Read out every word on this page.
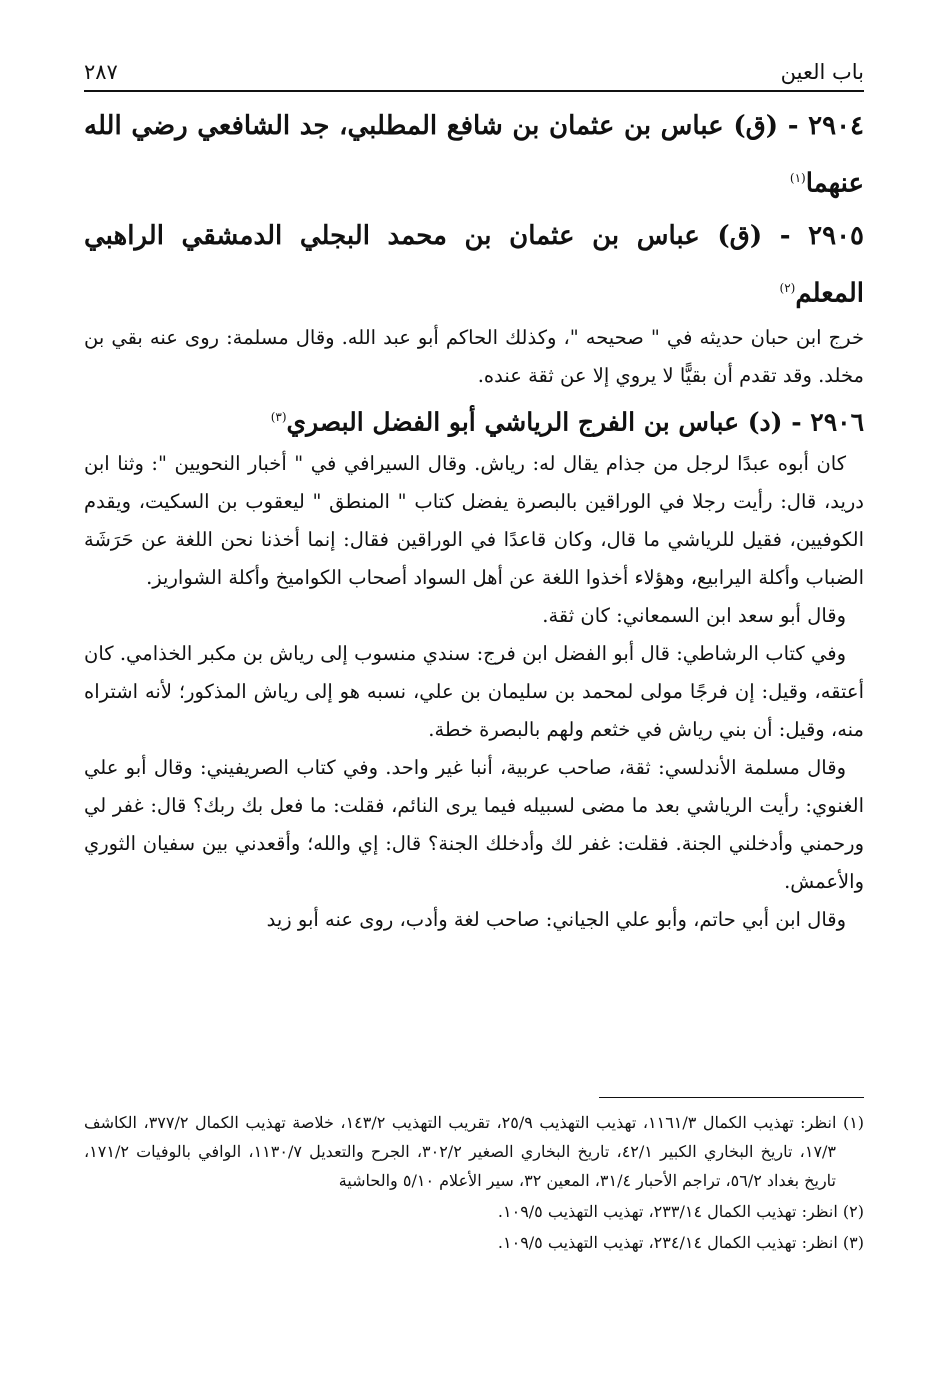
باب العين
٢٨٧

٢٩٠٤ - (ق) عباس بن عثمان بن شافع المطلبي، جد الشافعي رضي الله عنهما$^{(١)}$

٢٩٠٥ - (ق) عباس بن عثمان بن محمد البجلي الدمشقي الراهبي المعلم$^{(٢)}$

خرج ابن حبان حديثه في " صحيحه "، وكذلك الحاكم أبو عبد الله. وقال مسلمة: روى عنه بقي بن مخلد. وقد تقدم أن بقيًّا لا يروي إلا عن ثقة عنده.

٢٩٠٦ - (د) عباس بن الفرج الرياشي أبو الفضل البصري$^{(٣)}$

كان أبوه عبدًا لرجل من جذام يقال له: رياش. وقال السيرافي في " أخبار النحويين ": وثنا ابن دريد، قال: رأيت رجلا في الوراقين بالبصرة يفضل كتاب " المنطق " ليعقوب بن السكيت، ويقدم الكوفيين، فقيل للرياشي ما قال، وكان قاعدًا في الوراقين فقال: إنما أخذنا نحن اللغة عن حَرَشَة الضباب وأكلة اليرابيع، وهؤلاء أخذوا اللغة عن أهل السواد أصحاب الكواميخ وأكلة الشواريز.

وقال أبو سعد ابن السمعاني: كان ثقة.

وفي كتاب الرشاطي: قال أبو الفضل ابن فرج: سندي منسوب إلى رياش بن مكبر الخذامي. كان أعتقه، وقيل: إن فرجًا مولى لمحمد بن سليمان بن علي، نسبه هو إلى رياش المذكور؛ لأنه اشتراه منه، وقيل: أن بني رياش في خثعم ولهم بالبصرة خطة.

وقال مسلمة الأندلسي: ثقة، صاحب عربية، أنبا غير واحد. وفي كتاب الصريفيني: وقال أبو علي الغنوي: رأيت الرياشي بعد ما مضى لسبيله فيما يرى النائم، فقلت: ما فعل بك ربك؟ قال: غفر لي ورحمني وأدخلني الجنة. فقلت: غفر لك وأدخلك الجنة؟ قال: إي والله؛ وأقعدني بين سفيان الثوري والأعمش.

وقال ابن أبي حاتم، وأبو علي الجياني: صاحب لغة وأدب، روى عنه أبو زيد

(١) انظر: تهذيب الكمال ١١٦١/٣، تهذيب التهذيب ٢٥/٩، تقريب التهذيب ١٤٣/٢، خلاصة تهذيب الكمال ٣٧٧/٢، الكاشف ١٧/٣، تاريخ البخاري الكبير ٤٢/١، تاريخ البخاري الصغير ٣٠٢/٢، الجرح والتعديل ١١٣٠/٧، الوافي بالوفيات ١٧١/٢، تاريخ بغداد ٥٦/٢، تراجم الأحبار ٣١/٤، المعين ٣٢، سير الأعلام ٥/١٠ والحاشية

(٢) انظر: تهذيب الكمال ٢٣٣/١٤، تهذيب التهذيب ١٠٩/٥.

(٣) انظر: تهذيب الكمال ٢٣٤/١٤، تهذيب التهذيب ١٠٩/٥.
